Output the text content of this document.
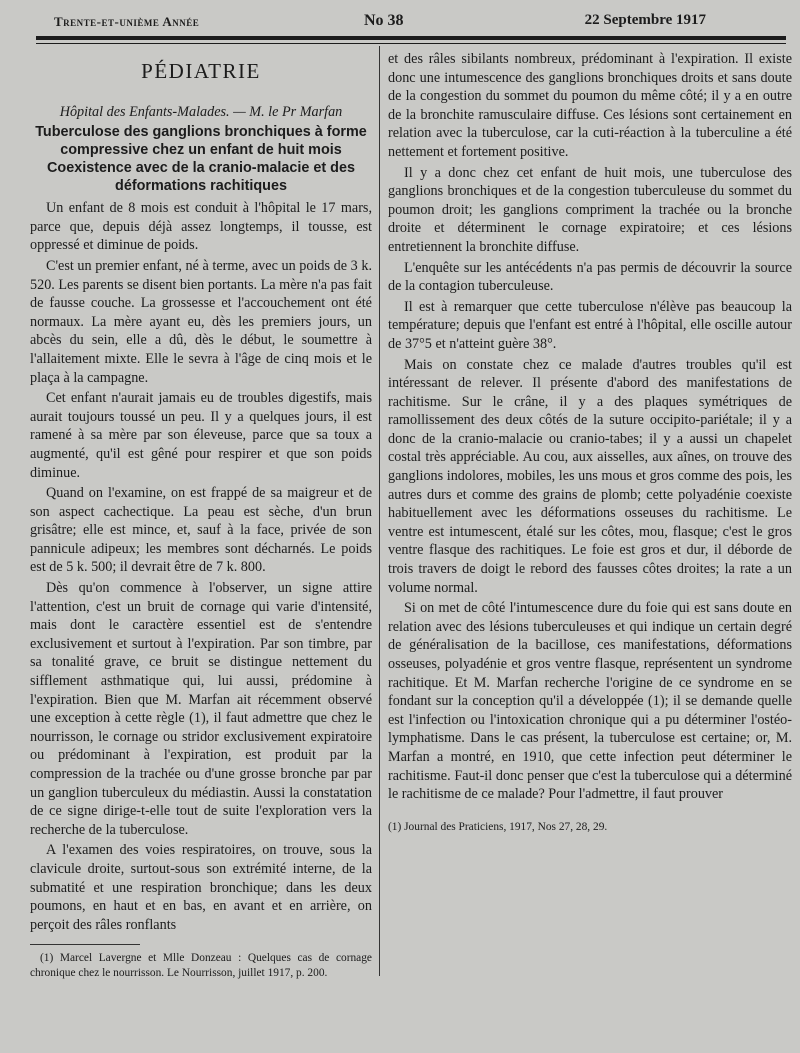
Trente-et-unième Année	No 38	22 Septembre 1917
PÉDIATRIE
Hôpital des Enfants-Malades. — M. le Pr Marfan
Tuberculose des ganglions bronchiques à forme compressive chez un enfant de huit mois Coexistence avec de la cranio-malacie et des déformations rachitiques

Un enfant de 8 mois est conduit à l'hôpital le 17 mars, parce que, depuis déjà assez longtemps, il tousse, est oppressé et diminue de poids.

C'est un premier enfant, né à terme, avec un poids de 3 k. 520. Les parents se disent bien portants. La mère n'a pas fait de fausse couche. La grossesse et l'accouchement ont été normaux. La mère ayant eu, dès les premiers jours, un abcès du sein, elle a dû, dès le début, le soumettre à l'allaitement mixte. Elle le sevra à l'âge de cinq mois et le plaça à la campagne.

Cet enfant n'aurait jamais eu de troubles digestifs, mais aurait toujours toussé un peu. Il y a quelques jours, il est ramené à sa mère par son éleveuse, parce que sa toux a augmenté, qu'il est gêné pour respirer et que son poids diminue.

Quand on l'examine, on est frappé de sa maigreur et de son aspect cachectique. La peau est sèche, d'un brun grisâtre; elle est mince, et, sauf à la face, privée de son pannicule adipeux; les membres sont décharnés. Le poids est de 5 k. 500; il devrait être de 7 k. 800.

Dès qu'on commence à l'observer, un signe attire l'attention, c'est un bruit de cornage qui varie d'intensité, mais dont le caractère essentiel est de s'entendre exclusivement et surtout à l'expiration. Par son timbre, par sa tonalité grave, ce bruit se distingue nettement du sifflement asthmatique qui, lui aussi, prédomine à l'expiration. Bien que M. Marfan ait récemment observé une exception à cette règle (1), il faut admettre que chez le nourrisson, le cornage ou stridor exclusivement expiratoire ou prédominant à l'expiration, est produit par la compression de la trachée ou d'une grosse bronche par par un ganglion tuberculeux du médiastin. Aussi la constatation de ce signe dirige-t-elle tout de suite l'exploration vers la recherche de la tuberculose.

A l'examen des voies respiratoires, on trouve, sous la clavicule droite, surtout-sous son extrémité interne, de la submatité et une respiration bronchique; dans les deux poumons, en haut et en bas, en avant et en arrière, on perçoit des râles ronflants

(1) Marcel Lavergne et Mlle Donzeau : Quelques cas de cornage chronique chez le nourrisson. Le Nourrisson, juillet 1917, p. 200.

et des râles sibilants nombreux, prédominant à l'expiration. Il existe donc une intumescence des ganglions bronchiques droits et sans doute de la congestion du sommet du poumon du même côté; il y a en outre de la bronchite ramusculaire diffuse. Ces lésions sont certainement en relation avec la tuberculose, car la cuti-réaction à la tuberculine a été nettement et fortement positive.

Il y a donc chez cet enfant de huit mois, une tuberculose des ganglions bronchiques et de la congestion tuberculeuse du sommet du poumon droit; les ganglions compriment la trachée ou la bronche droite et déterminent le cornage expiratoire; et ces lésions entretiennent la bronchite diffuse.

L'enquête sur les antécédents n'a pas permis de découvrir la source de la contagion tuberculeuse.

Il est à remarquer que cette tuberculose n'élève pas beaucoup la température; depuis que l'enfant est entré à l'hôpital, elle oscille autour de 37°5 et n'atteint guère 38°.

Mais on constate chez ce malade d'autres troubles qu'il est intéressant de relever. Il présente d'abord des manifestations de rachitisme. Sur le crâne, il y a des plaques symétriques de ramollissement des deux côtés de la suture occipito-pariétale; il y a donc de la cranio-malacie ou cranio-tabes; il y a aussi un chapelet costal très appréciable. Au cou, aux aisselles, aux aînes, on trouve des ganglions indolores, mobiles, les uns mous et gros comme des pois, les autres durs et comme des grains de plomb; cette polyadénie coexiste habituellement avec les déformations osseuses du rachitisme. Le ventre est intumescent, étalé sur les côtes, mou, flasque; c'est le gros ventre flasque des rachitiques. Le foie est gros et dur, il déborde de trois travers de doigt le rebord des fausses côtes droites; la rate a un volume normal.

Si on met de côté l'intumescence dure du foie qui est sans doute en relation avec des lésions tuberculeuses et qui indique un certain degré de généralisation de la bacillose, ces manifestations, déformations osseuses, polyadénie et gros ventre flasque, représentent un syndrome rachitique. Et M. Marfan recherche l'origine de ce syndrome en se fondant sur la conception qu'il a développée (1); il se demande quelle est l'infection ou l'intoxication chronique qui a pu déterminer l'ostéo-lymphatisme. Dans le cas présent, la tuberculose est certaine; or, M. Marfan a montré, en 1910, que cette infection peut déterminer le rachitisme. Faut-il donc penser que c'est la tuberculose qui a déterminé le rachitisme de ce malade? Pour l'admettre, il faut prouver

(1) Journal des Praticiens, 1917, Nos 27, 28, 29.
